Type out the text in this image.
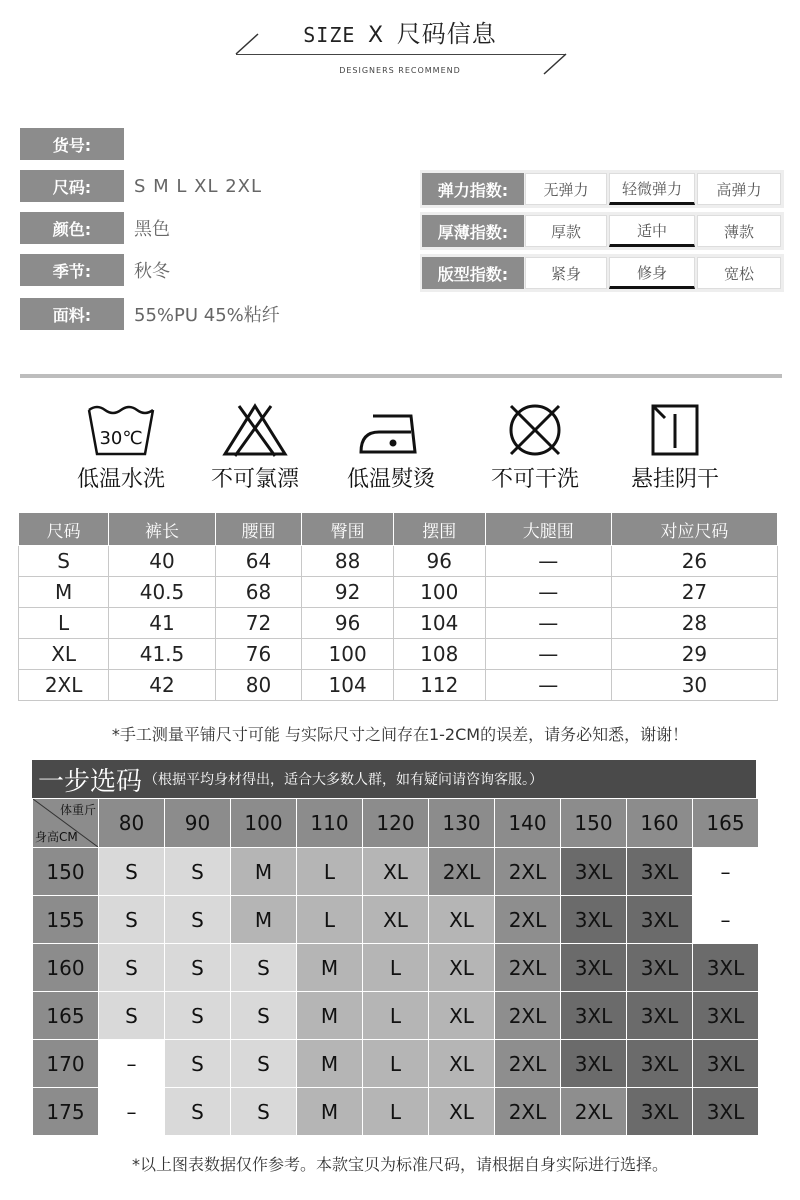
SIZE X 尺码信息
DESIGNERS RECOMMEND
货号:
尺码:	S M L XL 2XL
颜色:	黑色
季节:	秋冬
面料:	55%PU 45%粘纤
弹力指数:	无弹力	轻微弹力	高弹力
厚薄指数:	厚款	适中	薄款
版型指数:	紧身	修身	宽松
30℃
低温水洗	不可氯漂	低温熨烫	不可干洗	悬挂阴干
尺码	裤长	腰围	臀围	摆围	大腿围	对应尺码
S	40	64	88	96	—	26
M	40.5	68	92	100	—	27
L	41	72	96	104	—	28
XL	41.5	76	100	108	—	29
2XL	42	80	104	112	—	30
*手工测量平铺尺寸可能 与实际尺寸之间存在1-2CM的误差，请务必知悉，谢谢！
一步选码 （根据平均身材得出，适合大多数人群，如有疑问请咨询客服。）
体重斤
身高CM	80	90	100	110	120	130	140	150	160	165
150	S	S	M	L	XL	2XL	2XL	3XL	3XL	–
155	S	S	M	L	XL	XL	2XL	3XL	3XL	–
160	S	S	S	M	L	XL	2XL	3XL	3XL	3XL
165	S	S	S	M	L	XL	2XL	3XL	3XL	3XL
170	–	S	S	M	L	XL	2XL	3XL	3XL	3XL
175	–	S	S	M	L	XL	2XL	2XL	3XL	3XL
*以上图表数据仅作参考。本款宝贝为标准尺码，请根据自身实际进行选择。
